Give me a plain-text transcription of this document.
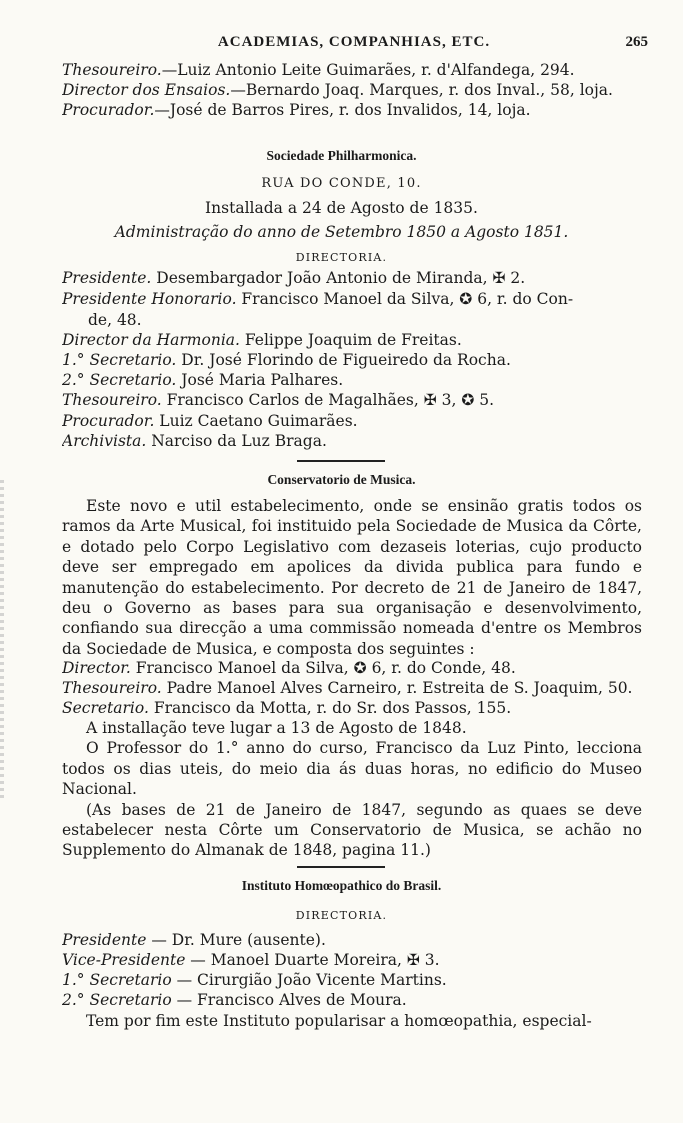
ACADEMIAS, COMPANHIAS, ETC.	265
Thesoureiro.—Luiz Antonio Leite Guimarães, r. d'Alfandega, 294.
Director dos Ensaios.—Bernardo Joaq. Marques, r. dos Inval., 58, loja.
Procurador.—José de Barros Pires, r. dos Invalidos, 14, loja.
Sociedade Philharmonica.
RUA DO CONDE, 10.
Installada a 24 de Agosto de 1835.
Administração do anno de Setembro 1850 a Agosto 1851.
DIRECTORIA.
Presidente. Desembargador João Antonio de Miranda, ✠ 2.
Presidente Honorario. Francisco Manoel da Silva, ✪ 6, r. do Con-
de, 48.
Director da Harmonia. Felippe Joaquim de Freitas.
1.° Secretario. Dr. José Florindo de Figueiredo da Rocha.
2.° Secretario. José Maria Palhares.
Thesoureiro. Francisco Carlos de Magalhães, ✠ 3, ✪ 5.
Procurador. Luiz Caetano Guimarães.
Archivista. Narciso da Luz Braga.
Conservatorio de Musica.

Este novo e util estabelecimento, onde se ensinão gratis todos os ramos da Arte Musical, foi instituido pela Sociedade de Musica da Côrte, e dotado pelo Corpo Legislativo com dezaseis loterias, cujo producto deve ser empregado em apolices da divida publica para fundo e manutenção do estabelecimento. Por decreto de 21 de Janeiro de 1847, deu o Governo as bases para sua organisação e desenvolvimento, confiando sua direcção a uma commissão nomeada d'entre os Membros da Sociedade de Musica, e composta dos seguintes :

Director. Francisco Manoel da Silva, ✪ 6, r. do Conde, 48.
Thesoureiro. Padre Manoel Alves Carneiro, r. Estreita de S. Joaquim, 50.
Secretario. Francisco da Motta, r. do Sr. dos Passos, 155.

A installação teve lugar a 13 de Agosto de 1848.

O Professor do 1.° anno do curso, Francisco da Luz Pinto, lecciona todos os dias uteis, do meio dia ás duas horas, no edificio do Museo Nacional.

(As bases de 21 de Janeiro de 1847, segundo as quaes se deve estabelecer nesta Côrte um Conservatorio de Musica, se achão no Supplemento do Almanak de 1848, pagina 11.)

Instituto Homœopathico do Brasil.
DIRECTORIA.
Presidente — Dr. Mure (ausente).
Vice-Presidente — Manoel Duarte Moreira, ✠ 3.
1.° Secretario — Cirurgião João Vicente Martins.
2.° Secretario — Francisco Alves de Moura.
Tem por fim este Instituto popularisar a homœopathia, especial-
